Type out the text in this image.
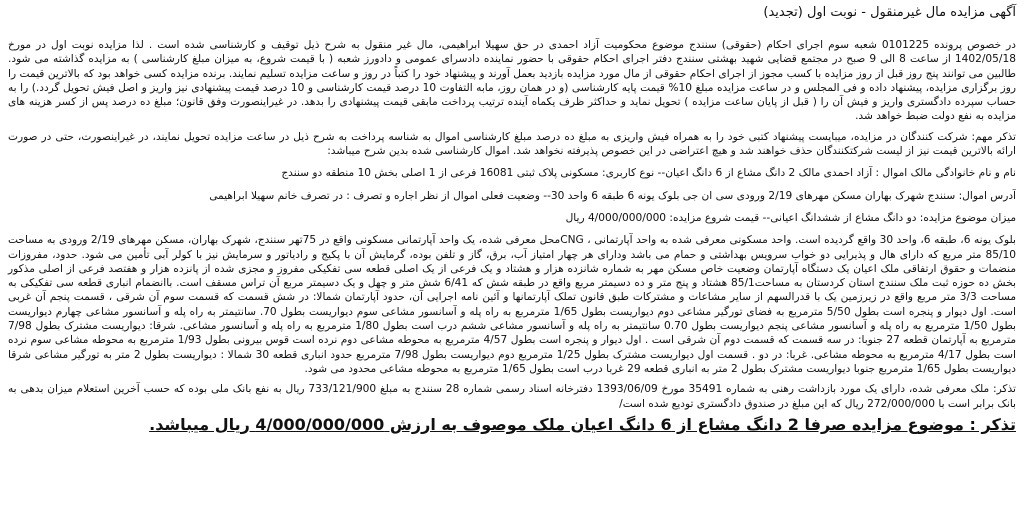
آگهی مزایده مال غیرمنقول - نوبت اول (تجدید)

در خصوص پرونده 0101225 شعبه سوم اجرای احکام (حقوقی) سنندج موضوع محکومیت آزاد احمدی در حق سهیلا ابراهیمی، مال غیر منقول به شرح ذیل توقیف و کارشناسی شده است . لذا مزایده نوبت اول در مورخ 1402/05/18 از ساعت 8 الی 9 صبح در مجتمع قضایی شهید بهشتی سنندج دفتر اجرای احکام حقوقی با حضور نماینده دادسرای عمومی و دادورز شعبه ( با قیمت شروع، به میزان مبلغ کارشناسی ) به مزایده گذاشته می شود. طالبین می توانند پنج روز قبل از روز مزایده با کسب مجوز از اجرای احکام حقوقی از مال مورد مزایده بازدید بعمل آورند و پیشنهاد خود را کتباً در روز و ساعت مزایده تسلیم نمایند. برنده مزایده کسی خواهد بود که بالاترین قیمت را روز برگزاری مزایده، پیشنهاد داده و فی المجلس و در ساعت مزایده مبلغ 10% قیمت پایه کارشناسی (و در همان روز، مابه التفاوت 10 درصد قیمت کارشناسی و 10 درصد قیمت پیشنهادی نیز واریز و اصل فیش تحویل گردد.) را به حساب سپرده دادگستری واریز و فیش آن را ( قبل از پایان ساعت مزایده ) تحویل نماید و حداکثر ظرف یکماه آینده ترتیب پرداخت مابقی قیمت پیشنهادی را بدهد. در غیراینصورت وفق قانون؛ مبلغ ده درصد پس از کسر هزینه های مزایده به نفع دولت ضبط خواهد شد.

تذکر مهم: شرکت کنندگان در مزایده، میبایست پیشنهاد کتبی خود را به همراه فیش واریزی به مبلغ ده درصد مبلغ کارشناسی اموال به شناسه پرداخت به شرح ذیل در ساعت مزایده تحویل نمایند، در غیراینصورت، حتی در صورت ارائه بالاترین قیمت نیز از لیست شرکتکنندگان حذف خواهند شد و هیچ اعتراضی در این خصوص پذیرفته نخواهد شد. اموال کارشناسی شده بدین شرح میباشد:

نام و نام خانوادگی مالک اموال : آزاد احمدی مالک 2 دانگ مشاع از 6 دانگ اعیان-- نوع کاربری: مسکونی پلاک ثبتی 16081 فرعی از 1 اصلی بخش 10 منطقه دو سنندج

آدرس اموال: سنندج شهرک بهاران مسکن مهرهای 2/19 ورودی سی ان جی بلوک یونه 6 طبقه 6 واحد 30-- وضعیت فعلی اموال از نظر اجاره و تصرف : در تصرف خانم سهیلا ابراهیمی

میزان موضوع مزایده: دو دانگ مشاع از ششدانگ اعیانی-- قیمت شروع مزایده: 4/000/000/000 ریال

بلوک یونه 6، طبقه 6، واحد 30 واقع گردیده است. واحد مسکونی معرفی شده به واحد آپارتمانی ، CNGمحل معرفی شده، یک واحد آپارتمانی مسکونی واقع در 75تهر سنندج، شهرک بهاران، مسکن مهرهای 2/19 ورودی به مساحت 85/10 متر مربع که دارای هال و پذیرایی دو خواب سرویس بهداشتی و حمام می باشد ودارای هر چهار امتیاز آب، برق، گاز و تلفن بوده، گرمایش آن با پکیج و رادیاتور و سرمایش نیز با کولر آبی تأمین می شود. حدود، مفروزات منضمات و حقوق ارتفاقی ملک اعیان یک دستگاه آپارتمان وضعیت خاص مسکن مهر به شماره شانزده هزار و هشتاد و یک فرعی از یک اصلی قطعه سی تفکیکی مفروز و مجزی شده از پانزده هزار و هفتصد فرعی از اصلی مذکور بخش ده حوزه ثبت ملک سنندج استان کردستان به مساحت85/1 هشتاد و پنج متر و ده دسیمتر مربع واقع در طبقه شش که 6/41 شش متر و چهل و یک دسیمتر مربع آن تراس مسقف است. باانضمام انباری قطعه سی تفکیکی به مساحت 3/3 متر مربع واقع در زیرزمین یک با قدرالسهم از سایر مشاعات و مشترکات طبق قانون تملک آپارتمانها و آئین نامه اجرایی آن، حدود آپارتمان شمالا: در شش قسمت که قسمت سوم آن شرقی ، قسمت پنجم آن غربی است. اول دیوار و پنجره است بطول 5/50 مترمربع به فضای تورگیر مشاعی دوم دیواریست بطول 1/65 مترمربع به راه پله و آسانسور مشاعی سوم دیواریست بطول 70. سانتیمتر به راه پله و آسانسور مشاعی چهارم دیواریست بطول 1/50 مترمربع به راه پله و آسانسور مشاعی پنجم دیواریست بطول 0.70 سانتیمتر به راه پله و آسانسور مشاعی ششم درب است بطول 1/80 مترمربع به راه پله و آسانسور مشاعی. شرقا: دیواریست مشترک بطول 7/98 مترمربع به آپارتمان قطعه 27 جنوبا: در سه قسمت که قسمت دوم آن شرقی است . اول دیوار و پنجره است بطول 4/57 مترمربع به محوطه مشاعی دوم نرده است قوس بیرونی بطول 1/93 مترمربع به محوطه مشاعی سوم نرده است بطول 4/17 مترمربع به محوطه مشاعی. غربا: در دو . قسمت اول دیواریست مشترک بطول 1/25 مترمربع دوم دیواریست بطول 7/98 مترمربع حدود انباری قطعه 30 شمالا : دیواریست بطول 2 متر به تورگیر مشاعی شرقا دیواریست بطول 1/65 مترمربع جنوبا دیواریست مشترک بطول 2 متر به انباری قطعه 29 غربا درب است بطول 1/65 مترمربع به محوطه مشاعی محدود می شود.

تذکر: ملک معرفی شده، دارای یک مورد بازداشت رهنی به شماره 35491 مورخ 1393/06/09 دفترخانه اسناد رسمی شماره 28 سنندج به مبلغ 733/121/900 ریال به نفع بانک ملی بوده که حسب آخرین استعلام میزان بدهی به بانک برابر است با 272/000/000 ریال که این مبلغ در صندوق دادگستری تودیع شده است/

تذکر : موضوع مزایده صرفا 2 دانگ مشاع از 6 دانگ اعیان ملک موصوف به ارزش 4/000/000/000 ریال میباشد.
